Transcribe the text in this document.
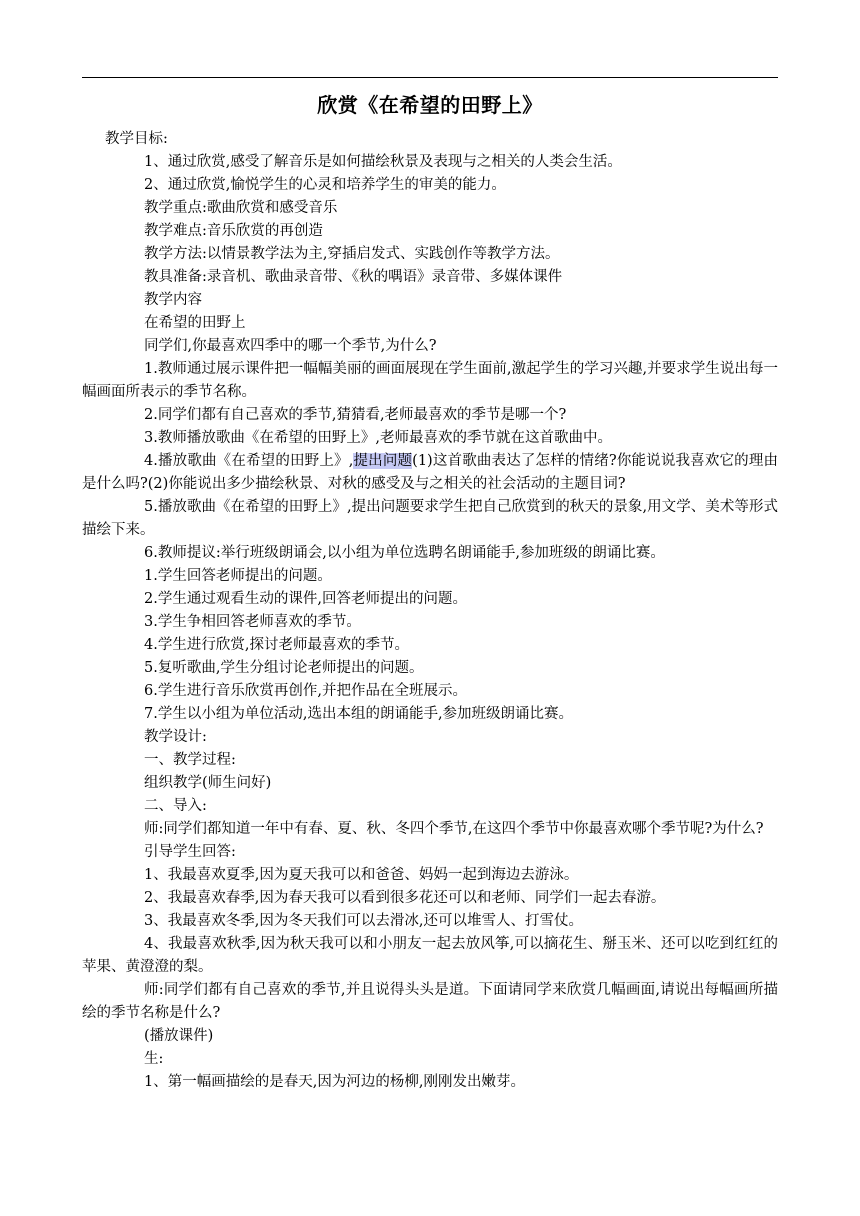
欣赏《在希望的田野上》

教学目标:

1、通过欣赏,感受了解音乐是如何描绘秋景及表现与之相关的人类会生活。

2、通过欣赏,愉悦学生的心灵和培养学生的审美的能力。

教学重点:歌曲欣赏和感受音乐

教学难点:音乐欣赏的再创造

教学方法:以情景教学法为主,穿插启发式、实践创作等教学方法。

教具准备:录音机、歌曲录音带、《秋的喁语》录音带、多媒体课件

教学内容

在希望的田野上

同学们,你最喜欢四季中的哪一个季节,为什么?

1.教师通过展示课件把一幅幅美丽的画面展现在学生面前,激起学生的学习兴趣,并要求学生说出每一幅画面所表示的季节名称。

2.同学们都有自己喜欢的季节,猜猜看,老师最喜欢的季节是哪一个?

3.教师播放歌曲《在希望的田野上》,老师最喜欢的季节就在这首歌曲中。

4.播放歌曲《在希望的田野上》,提出问题(1)这首歌曲表达了怎样的情绪?你能说说我喜欢它的理由是什么吗?(2)你能说出多少描绘秋景、对秋的感受及与之相关的社会活动的主题目词?

5.播放歌曲《在希望的田野上》,提出问题要求学生把自己欣赏到的秋天的景象,用文学、美术等形式描绘下来。

6.教师提议:举行班级朗诵会,以小组为单位选聘名朗诵能手,参加班级的朗诵比赛。

1.学生回答老师提出的问题。

2.学生通过观看生动的课件,回答老师提出的问题。

3.学生争相回答老师喜欢的季节。

4.学生进行欣赏,探讨老师最喜欢的季节。

5.复听歌曲,学生分组讨论老师提出的问题。

6.学生进行音乐欣赏再创作,并把作品在全班展示。

7.学生以小组为单位活动,选出本组的朗诵能手,参加班级朗诵比赛。

教学设计:

一、教学过程:

组织教学(师生问好)

二、导入:

师:同学们都知道一年中有春、夏、秋、冬四个季节,在这四个季节中你最喜欢哪个季节呢?为什么?

引导学生回答:

1、我最喜欢夏季,因为夏天我可以和爸爸、妈妈一起到海边去游泳。

2、我最喜欢春季,因为春天我可以看到很多花还可以和老师、同学们一起去春游。

3、我最喜欢冬季,因为冬天我们可以去滑冰,还可以堆雪人、打雪仗。

4、我最喜欢秋季,因为秋天我可以和小朋友一起去放风筝,可以摘花生、掰玉米、还可以吃到红红的苹果、黄澄澄的梨。

师:同学们都有自己喜欢的季节,并且说得头头是道。下面请同学来欣赏几幅画面,请说出每幅画所描绘的季节名称是什么?

(播放课件)

生:

1、第一幅画描绘的是春天,因为河边的杨柳,刚刚发出嫩芽。
